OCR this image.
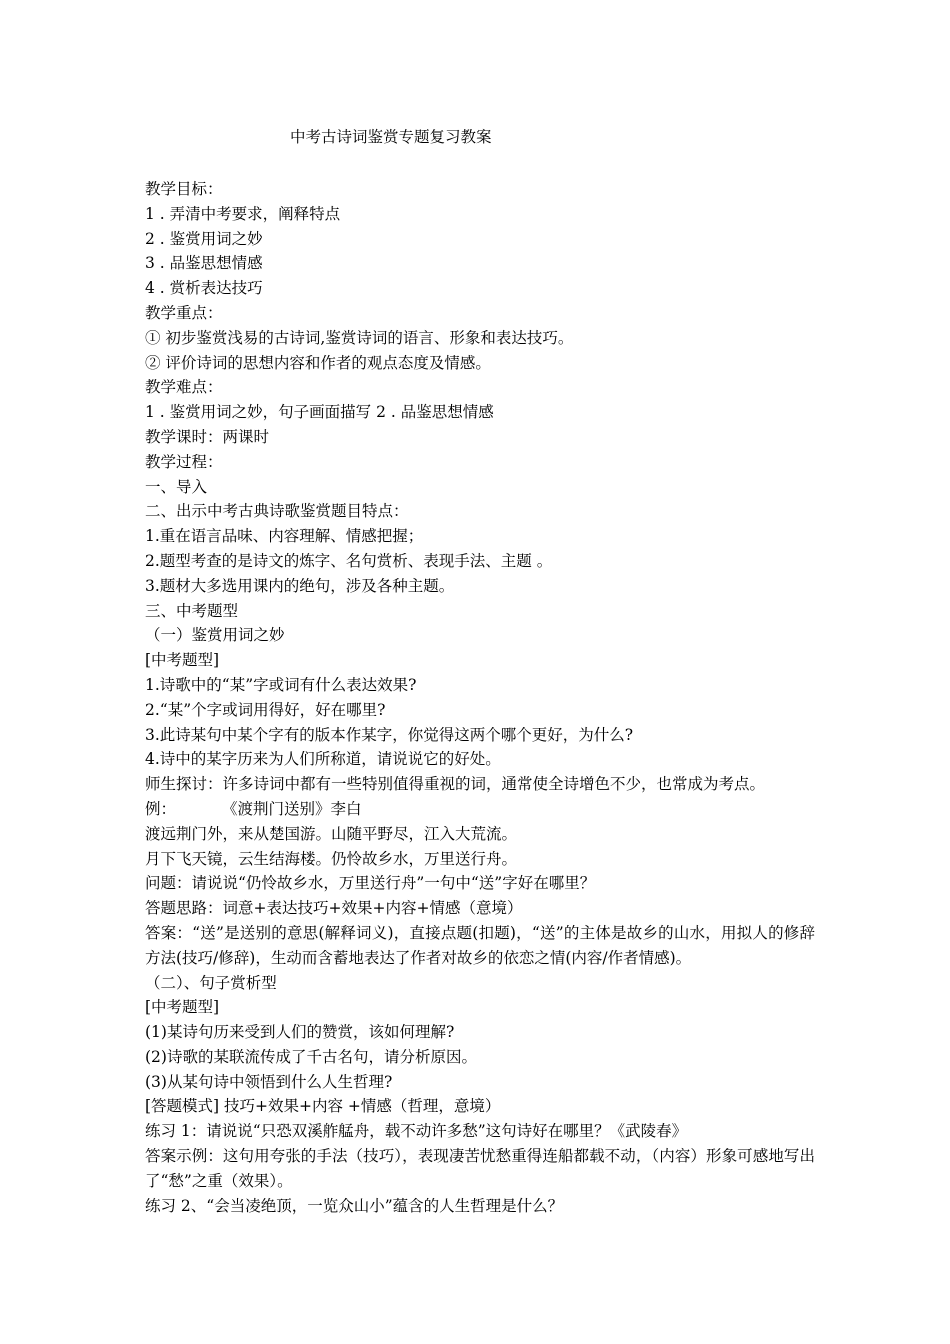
中考古诗词鉴赏专题复习教案
教学目标：
1 . 弄清中考要求，阐释特点
2 . 鉴赏用词之妙
3 . 品鉴思想情感
4 . 赏析表达技巧
教学重点：
① 初步鉴赏浅易的古诗词,鉴赏诗词的语言、形象和表达技巧。
② 评价诗词的思想内容和作者的观点态度及情感。
教学难点：
1 . 鉴赏用词之妙，句子画面描写 2 . 品鉴思想情感
教学课时：两课时
教学过程：
一、导入
二、出示中考古典诗歌鉴赏题目特点：
1.重在语言品味、内容理解、情感把握；
2.题型考查的是诗文的炼字、名句赏析、表现手法、主题 。
3.题材大多选用课内的绝句，涉及各种主题。
三、中考题型
（一）鉴赏用词之妙
[中考题型]
1.诗歌中的“某”字或词有什么表达效果?
2.“某”个字或词用得好，好在哪里?
3.此诗某句中某个字有的版本作某字，你觉得这两个哪个更好，为什么?
4.诗中的某字历来为人们所称道，请说说它的好处。
师生探讨：许多诗词中都有一些特别值得重视的词，通常使全诗增色不少，也常成为考点。
例：	《渡荆门送别》李白
渡远荆门外，来从楚国游。山随平野尽，江入大荒流。
月下飞天镜，云生结海楼。仍怜故乡水，万里送行舟。
问题：请说说“仍怜故乡水，万里送行舟”一句中“送”字好在哪里？
答题思路：词意+表达技巧+效果+内容+情感（意境）
答案：“送”是送别的意思(解释词义)，直接点题(扣题)，“送”的主体是故乡的山水，用拟人的修辞方法(技巧/修辞)，生动而含蓄地表达了作者对故乡的依恋之情(内容/作者情感)。
（二）、句子赏析型
[中考题型]
(1)某诗句历来受到人们的赞赏，该如何理解?
(2)诗歌的某联流传成了千古名句，请分析原因。
(3)从某句诗中领悟到什么人生哲理?
[答题模式] 技巧+效果+内容 +情感（哲理，意境）
练习 1：请说说“只恐双溪舴艋舟，载不动许多愁”这句诗好在哪里？《武陵春》
答案示例：这句用夸张的手法（技巧），表现凄苦忧愁重得连船都载不动，（内容）形象可感地写出了“愁”之重（效果）。
练习 2、“会当凌绝顶，一览众山小”蕴含的人生哲理是什么？
